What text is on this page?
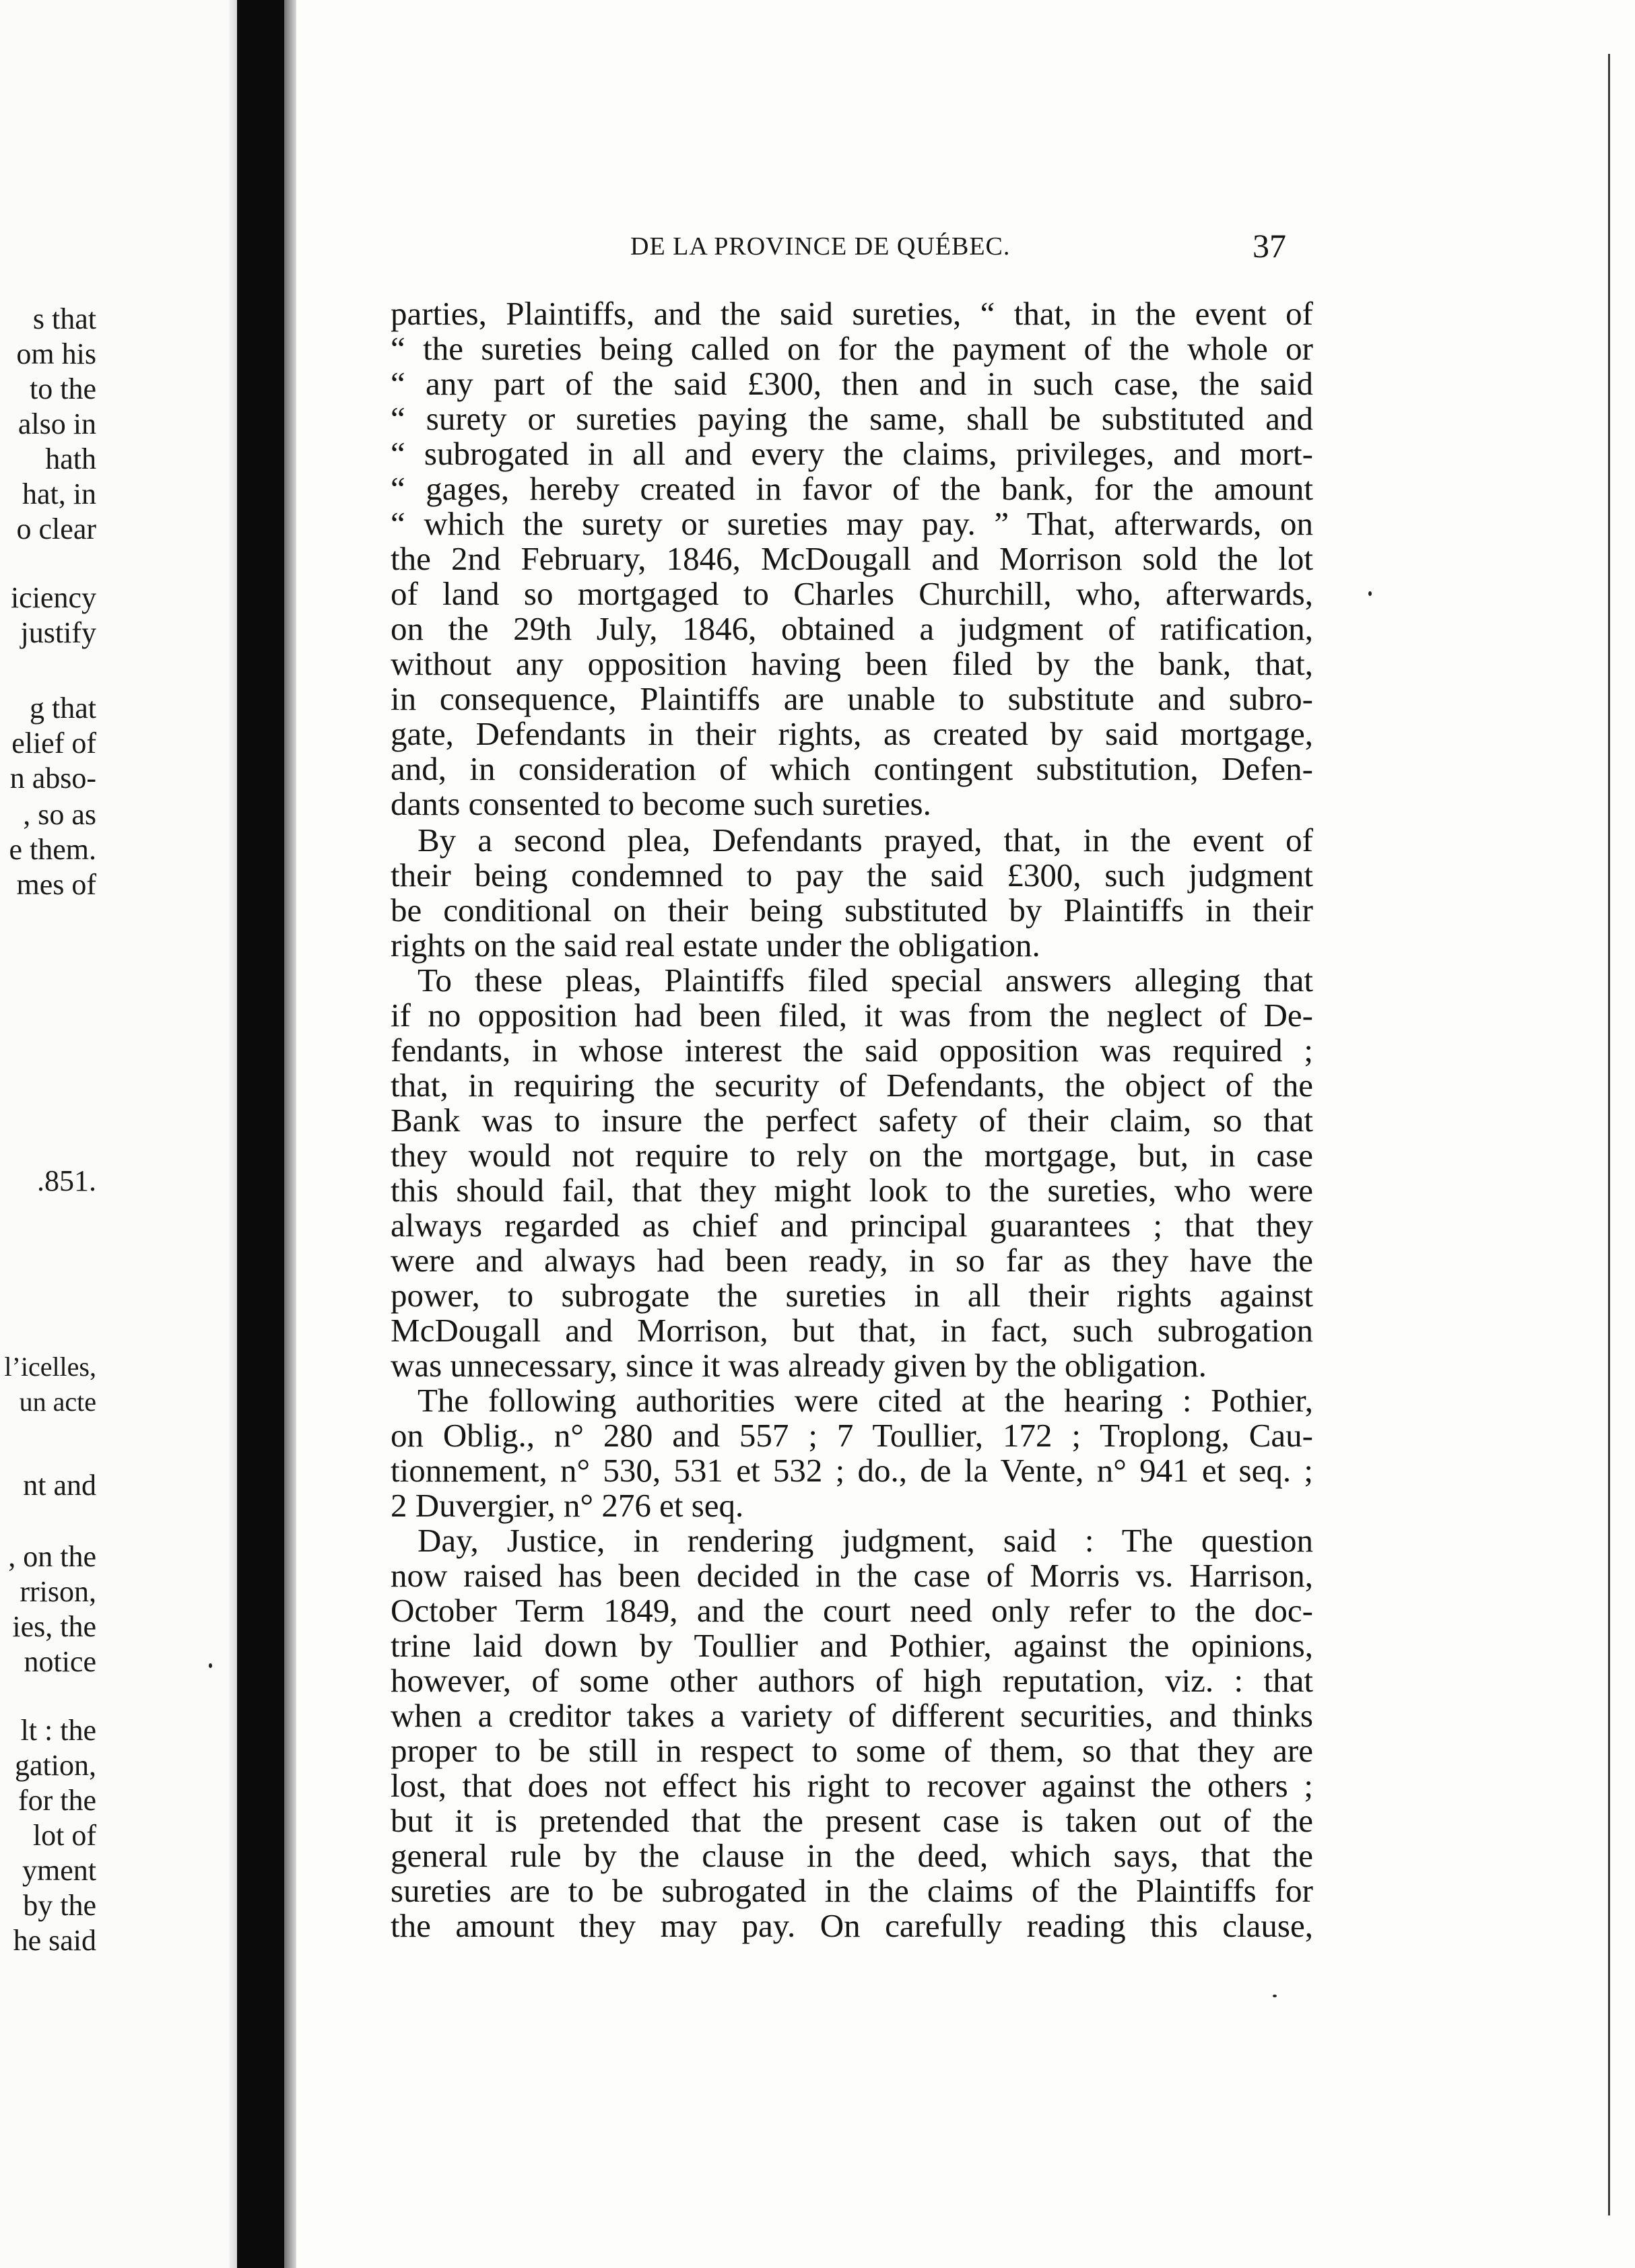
s that
om his
to the
also in
hath
hat, in
o clear
iciency
justify
g that
elief of
n abso-
, so as
e them.
mes of
.851.
l’icelles,
un acte
nt and
, on the
rrison,
ies, the
notice
lt : the
gation,
for the
lot of
yment
by the
he said
DE LA PROVINCE DE QUÉBEC.	37
parties, Plaintiffs, and the said sureties, “ that, in the event of
“ the sureties being called on for the payment of the whole or
“ any part of the said £300, then and in such case, the said
“ surety or sureties paying the same, shall be substituted and
“ subrogated in all and every the claims, privileges, and mort-
“ gages, hereby created in favor of the bank, for the amount
“ which the surety or sureties may pay. ” That, afterwards, on
the 2nd February, 1846, McDougall and Morrison sold the lot
of land so mortgaged to Charles Churchill, who, afterwards,
on the 29th July, 1846, obtained a judgment of ratification,
without any opposition having been filed by the bank, that,
in consequence, Plaintiffs are unable to substitute and subro-
gate, Defendants in their rights, as created by said mortgage,
and, in consideration of which contingent substitution, Defen-
dants consented to become such sureties.
By a second plea, Defendants prayed, that, in the event of
their being condemned to pay the said £300, such judgment
be conditional on their being substituted by Plaintiffs in their
rights on the said real estate under the obligation.
To these pleas, Plaintiffs filed special answers alleging that
if no opposition had been filed, it was from the neglect of De-
fendants, in whose interest the said opposition was required ;
that, in requiring the security of Defendants, the object of the
Bank was to insure the perfect safety of their claim, so that
they would not require to rely on the mortgage, but, in case
this should fail, that they might look to the sureties, who were
always regarded as chief and principal guarantees ; that they
were and always had been ready, in so far as they have the
power, to subrogate the sureties in all their rights against
McDougall and Morrison, but that, in fact, such subrogation
was unnecessary, since it was already given by the obligation.
The following authorities were cited at the hearing : Pothier,
on Oblig., n° 280 and 557 ; 7 Toullier, 172 ; Troplong, Cau-
tionnement, n° 530, 531 et 532 ; do., de la Vente, n° 941 et seq. ;
2 Duvergier, n° 276 et seq.
Day, Justice, in rendering judgment, said : The question
now raised has been decided in the case of Morris vs. Harrison,
October Term 1849, and the court need only refer to the doc-
trine laid down by Toullier and Pothier, against the opinions,
however, of some other authors of high reputation, viz. : that
when a creditor takes a variety of different securities, and thinks
proper to be still in respect to some of them, so that they are
lost, that does not effect his right to recover against the others ;
but it is pretended that the present case is taken out of the
general rule by the clause in the deed, which says, that the
sureties are to be subrogated in the claims of the Plaintiffs for
the amount they may pay. On carefully reading this clause,
